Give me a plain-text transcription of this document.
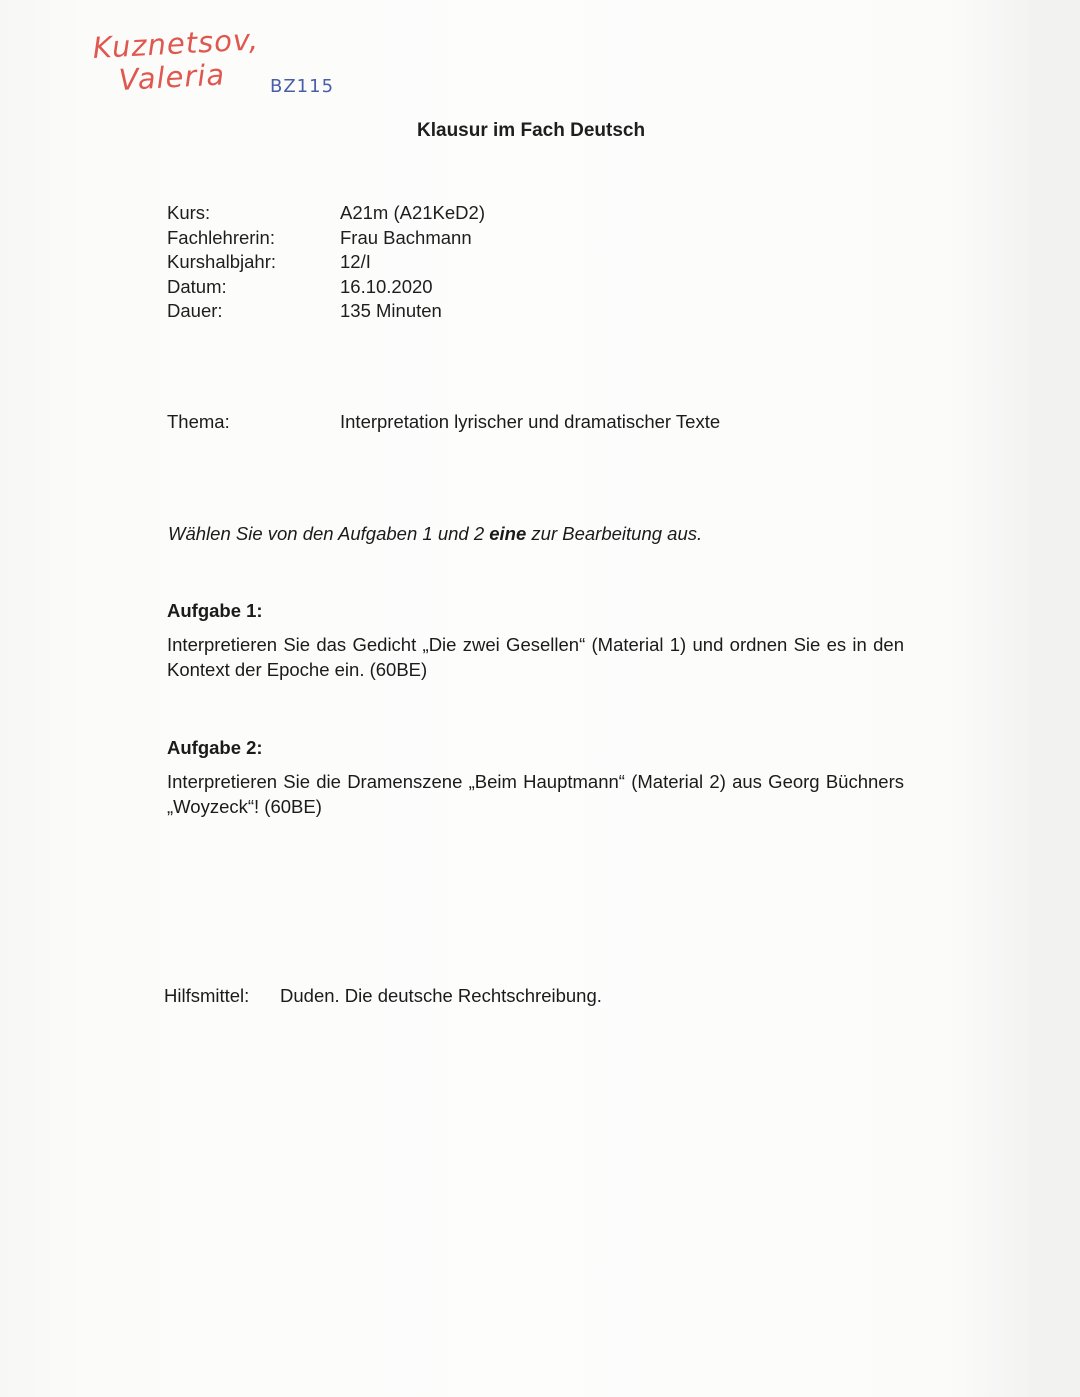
Kuznetsov,
Valeria BZ115
Klausur im Fach Deutsch
Kurs:	A21m (A21KeD2)
Fachlehrerin:	Frau Bachmann
Kurshalbjahr:	12/I
Datum:	16.10.2020
Dauer:	135 Minuten
Thema:	Interpretation lyrischer und dramatischer Texte
Wählen Sie von den Aufgaben 1 und 2 eine zur Bearbeitung aus.
Aufgabe 1:
Interpretieren Sie das Gedicht „Die zwei Gesellen“ (Material 1) und ordnen Sie es in den Kontext der Epoche ein. (60BE)
Aufgabe 2:
Interpretieren Sie die Dramenszene „Beim Hauptmann“ (Material 2) aus Georg Büchners „Woyzeck“! (60BE)
Hilfsmittel:	Duden. Die deutsche Rechtschreibung.
